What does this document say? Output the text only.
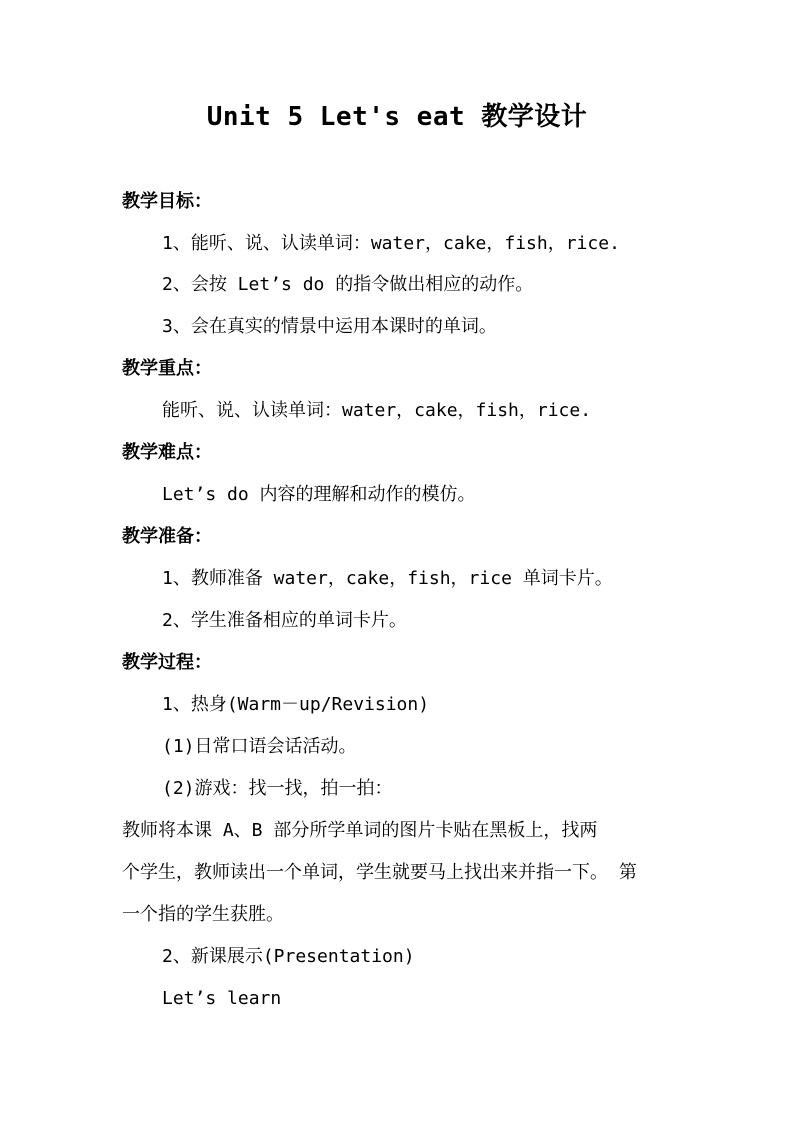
Unit 5 Let's eat 教学设计
教学目标：
1、能听、说、认读单词：water，cake，fish，rice.
2、会按 Let’s do 的指令做出相应的动作。
3、会在真实的情景中运用本课时的单词。
教学重点：
能听、说、认读单词：water，cake，fish，rice.
教学难点：
Let’s do 内容的理解和动作的模仿。
教学准备：
1、教师准备 water，cake，fish，rice 单词卡片。
2、学生准备相应的单词卡片。
教学过程：
1、热身(Warm－up/Revision)
(1)日常口语会话活动。
(2)游戏：找一找，拍一拍：
教师将本课 A、B 部分所学单词的图片卡贴在黑板上，找两
个学生，教师读出一个单词，学生就要马上找出来并指一下。 第
一个指的学生获胜。
2、新课展示(Presentation)
Let’s learn
